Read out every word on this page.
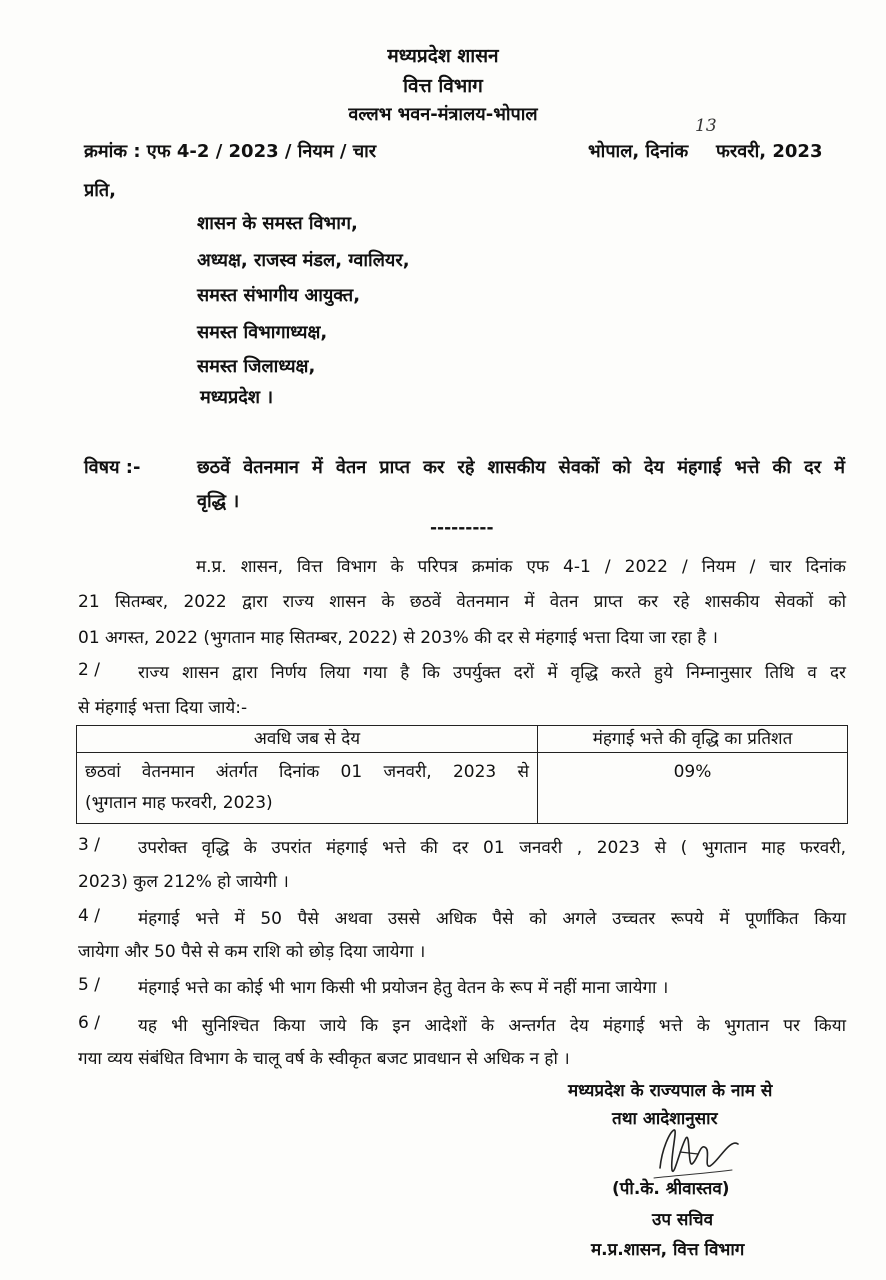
मध्यप्रदेश शासन
वित्त विभाग
वल्लभ भवन-मंत्रालय-भोपाल
क्रमांक : एफ 4-2 / 2023 / नियम / चार	भोपाल, दिनांक
13
फरवरी, 2023
प्रति,
शासन के समस्त विभाग,
अध्यक्ष, राजस्व मंडल, ग्वालियर,
समस्त संभागीय आयुक्त,
समस्त विभागाध्यक्ष,
समस्त जिलाध्यक्ष,
मध्यप्रदेश ।
विषय :-	छठवें वेतनमान में वेतन प्राप्त कर रहे शासकीय सेवकों को देय मंहगाई भत्ते की दर में
वृद्धि ।
---------
म.प्र. शासन, वित्त विभाग के परिपत्र क्रमांक एफ 4-1 / 2022 / नियम / चार दिनांक
21 सितम्बर, 2022 द्वारा राज्य शासन के छठवें वेतनमान में वेतन प्राप्त कर रहे शासकीय सेवकों को
01 अगस्त, 2022 (भुगतान माह सितम्बर, 2022) से 203% की दर से मंहगाई भत्ता दिया जा रहा है ।
2 / राज्य शासन द्वारा निर्णय लिया गया है कि उपर्युक्त दरों में वृद्धि करते हुये निम्नानुसार तिथि व दर
से मंहगाई भत्ता दिया जाये:-
अवधि जब से देय	मंहगाई भत्ते की वृद्धि का प्रतिशत

छठवां वेतनमान अंतर्गत दिनांक 01 जनवरी, 2023 से
(भुगतान माह फरवरी, 2023)	09%
3 / उपरोक्त वृद्धि के उपरांत मंहगाई भत्ते की दर 01 जनवरी , 2023 से ( भुगतान माह फरवरी,
2023) कुल 212% हो जायेगी ।
4 / मंहगाई भत्ते में 50 पैसे अथवा उससे अधिक पैसे को अगले उच्चतर रूपये में पूर्णांकित किया
जायेगा और 50 पैसे से कम राशि को छोड़ दिया जायेगा ।
5 / मंहगाई भत्ते का कोई भी भाग किसी भी प्रयोजन हेतु वेतन के रूप में नहीं माना जायेगा ।
6 / यह भी सुनिश्चित किया जाये कि इन आदेशों के अन्तर्गत देय मंहगाई भत्ते के भुगतान पर किया
गया व्यय संबंधित विभाग के चालू वर्ष के स्वीकृत बजट प्रावधान से अधिक न हो ।
मध्यप्रदेश के राज्यपाल के नाम से
तथा आदेशानुसार
(पी.के. श्रीवास्तव)
उप सचिव
म.प्र.शासन, वित्त विभाग
